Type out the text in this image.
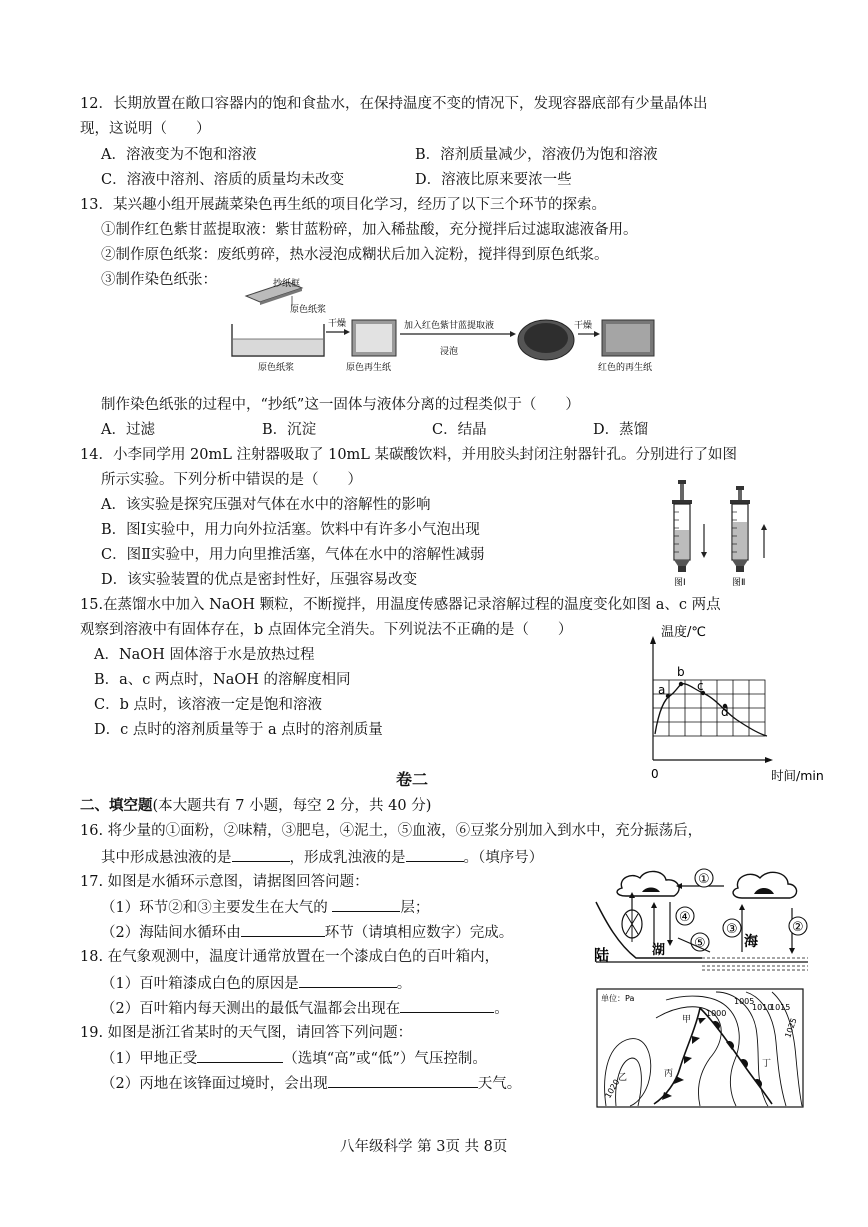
12．长期放置在敞口容器内的饱和食盐水，在保持温度不变的情况下，发现容器底部有少量晶体出
现，这说明（　　）
A．溶液变为不饱和溶液	B．溶剂质量减少，溶液仍为饱和溶液
C．溶液中溶剂、溶质的质量均未改变	D．溶液比原来要浓一些
13．某兴趣小组开展蔬菜染色再生纸的项目化学习，经历了以下三个环节的探索。
①制作红色紫甘蓝提取液：紫甘蓝粉碎，加入稀盐酸，充分搅拌后过滤取滤液备用。
②制作原色纸浆：废纸剪碎，热水浸泡成糊状后加入淀粉，搅拌得到原色纸浆。
③制作染色纸张：	抄纸框
原色纸浆
原色纸浆
干燥
原色再生纸
加入红色紫甘蓝提取液
浸泡
干燥
红色的再生纸
制作染色纸张的过程中，“抄纸”这一固体与液体分离的过程类似于（　　）
A．过滤	B．沉淀	C．结晶	D．蒸馏
14．小李同学用 20mL 注射器吸取了 10mL 某碳酸饮料，并用胶头封闭注射器针孔。分别进行了如图
所示实验。下列分析中错误的是（　　）
A．该实验是探究压强对气体在水中的溶解性的影响
B．图Ⅰ实验中，用力向外拉活塞。饮料中有许多小气泡出现
C．图Ⅱ实验中，用力向里推活塞，气体在水中的溶解性减弱
D．该实验装置的优点是密封性好，压强容易改变	图Ⅰ	图Ⅱ
15.在蒸馏水中加入 NaOH 颗粒，不断搅拌，用温度传感器记录溶解过程的温度变化如图 a、c 两点
观察到溶液中有固体存在，b 点固体完全消失。下列说法不正确的是（　　）
A．NaOH 固体溶于水是放热过程
B．a、c 两点时，NaOH 的溶解度相同
C．b 点时，该溶液一定是饱和溶液
D．c 点时的溶剂质量等于 a 点时的溶剂质量
温度/℃
a
b
c
d
0	时间/min
卷二
二、填空题(本大题共有 7 小题，每空 2 分，共 40 分)
16. 将少量的①面粉，②味精，③肥皂，④泥土，⑤血液，⑥豆浆分别加入到水中，充分振荡后，
其中形成悬浊液的是	，形成乳浊液的是	。（填序号）
17. 如图是水循环示意图，请据图回答问题：
（1）环节②和③主要发生在大气的	层；
（2）海陆间水循环由	环节（请填相应数字）完成。
①
湖
④
⑤	海
③	②
陆
18. 在气象观测中，温度计通常放置在一个漆成白色的百叶箱内，
（1）百叶箱漆成白色的原因是	。
（2）百叶箱内每天测出的最低气温都会出现在	。
19. 如图是浙江省某时的天气图，请回答下列问题：
（1）甲地正受	（选填“高”或“低”）气压控制。
（2）丙地在该锋面过境时，会出现	天气。
单位：Pa
1000
1005
1010
1015
1025
1020
甲
丙
丁
乙
八年级科学 第 3页 共 8页
